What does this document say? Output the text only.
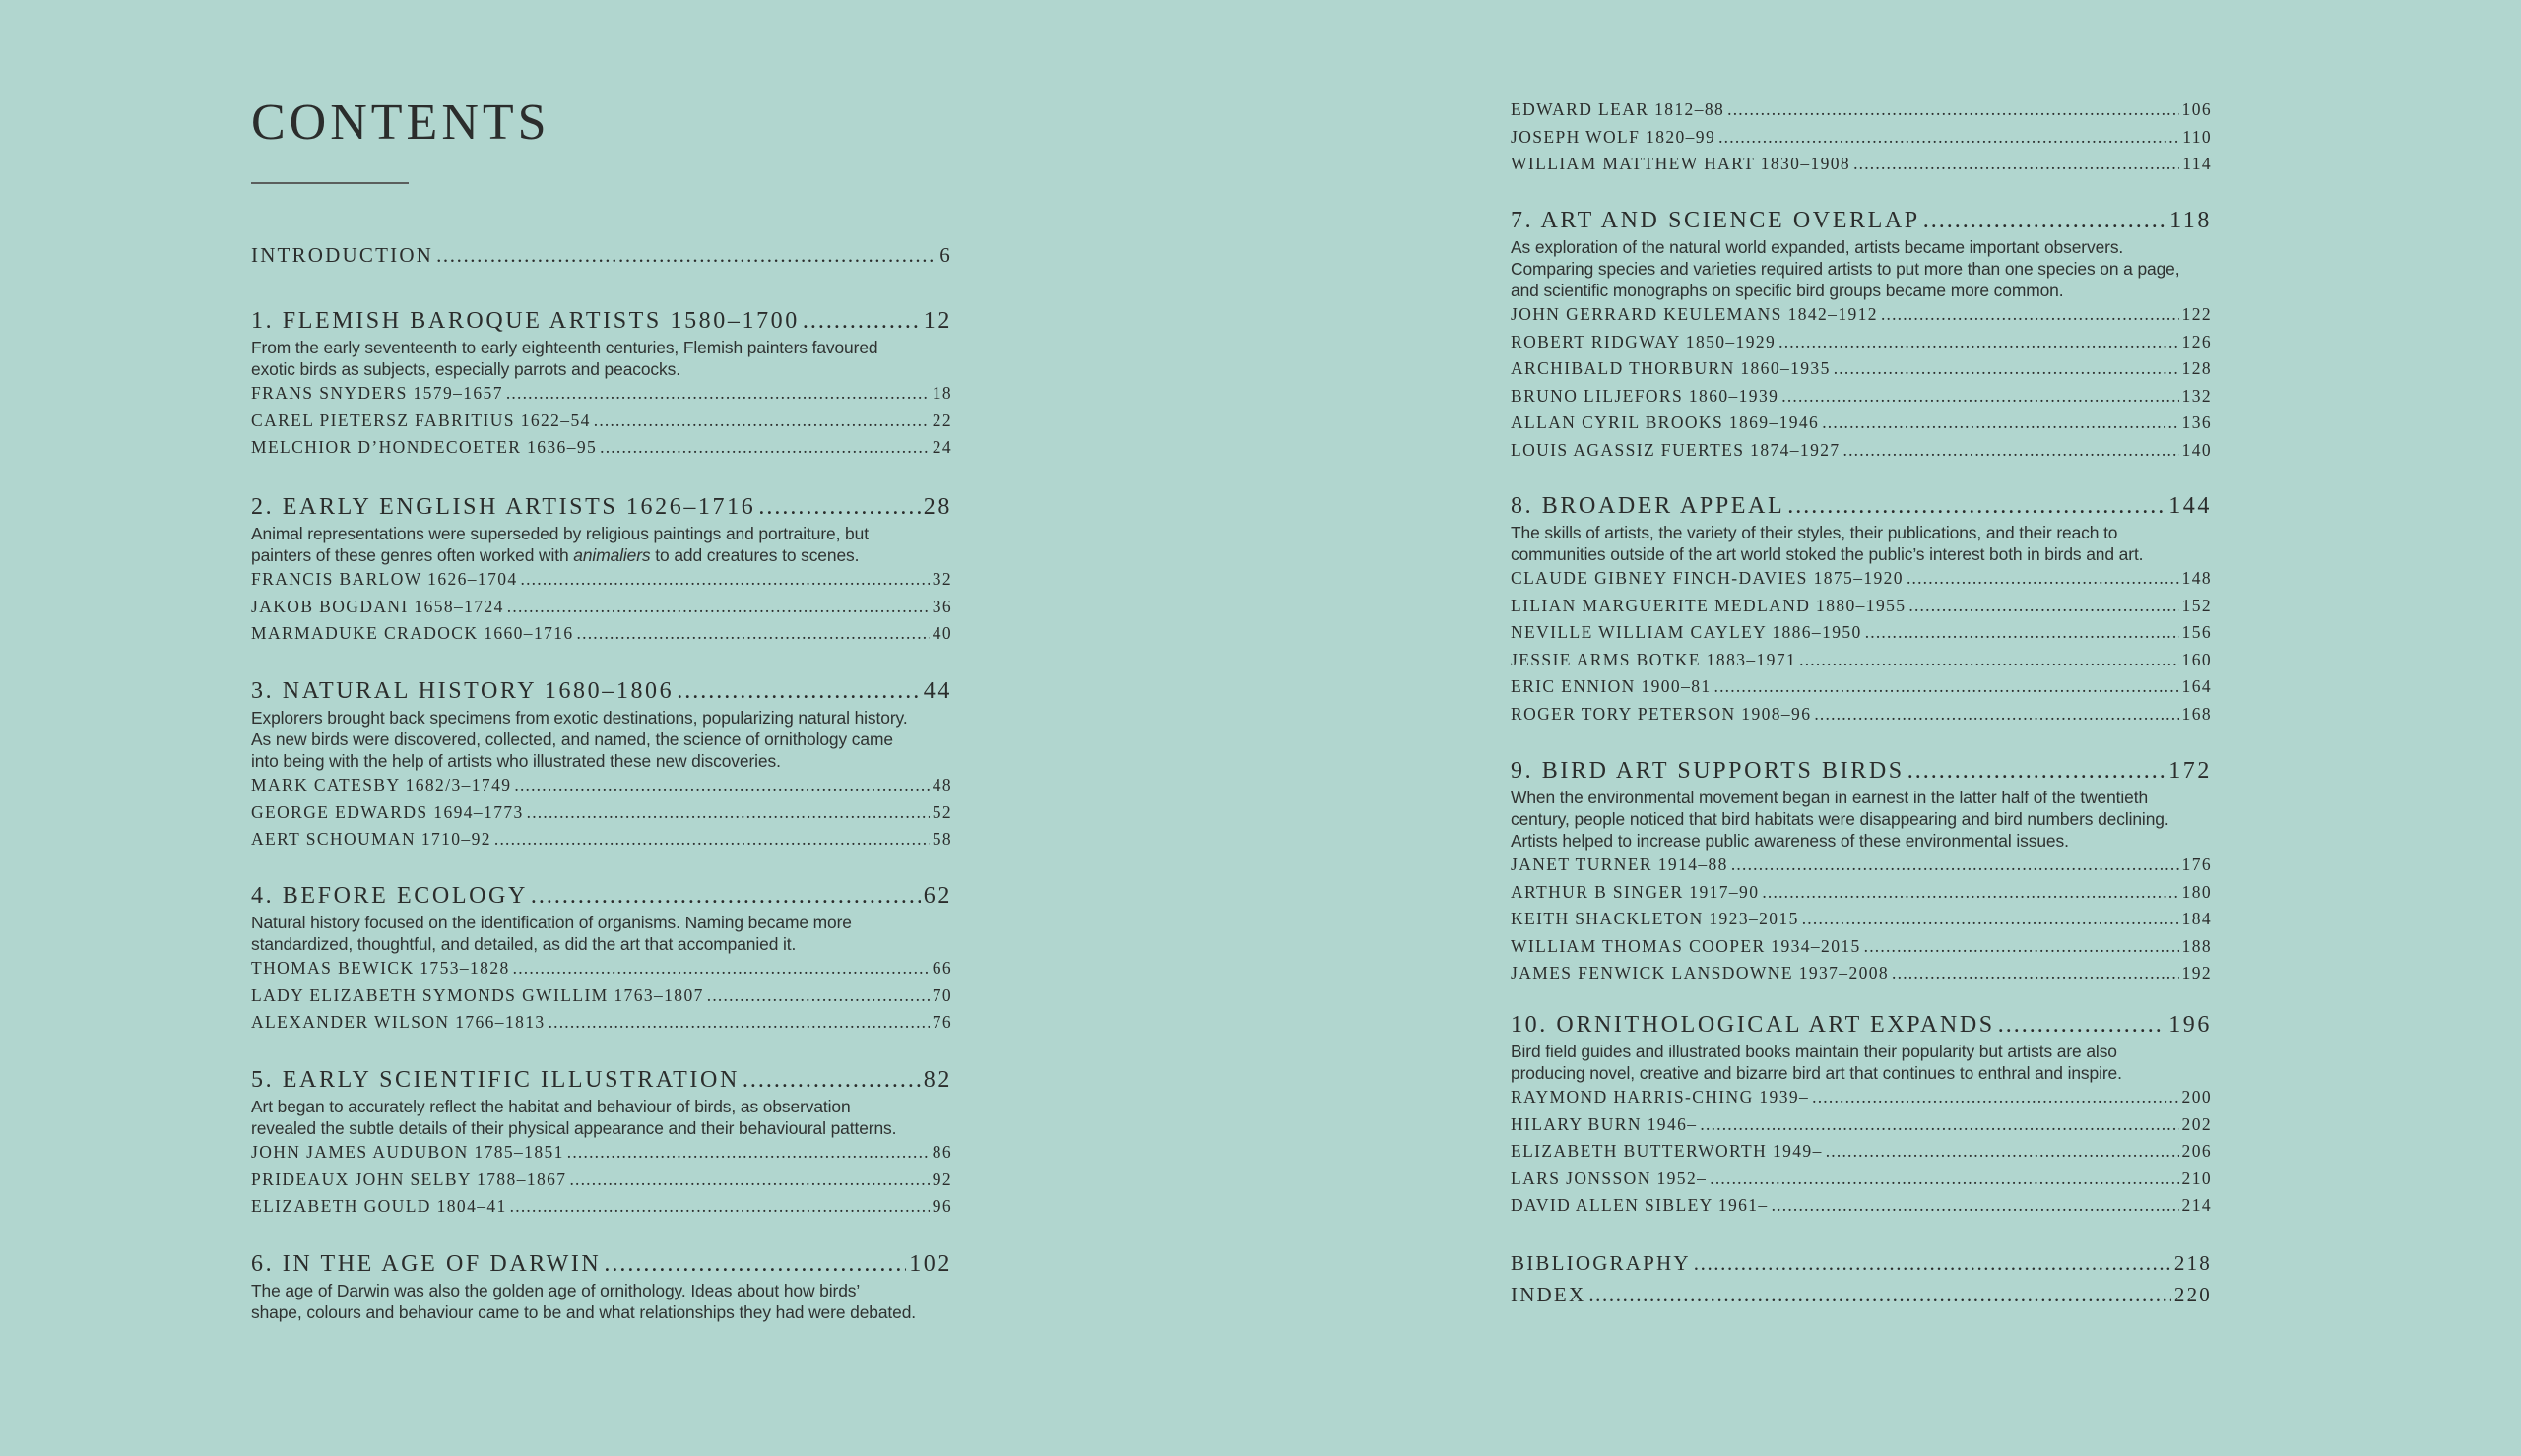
CONTENTS
INTRODUCTION .....	6
1. FLEMISH BAROQUE ARTISTS 1580–1700 .....	12
From the early seventeenth to early eighteenth centuries, Flemish painters favoured
exotic birds as subjects, especially parrots and peacocks.
FRANS SNYDERS 1579–1657 .....	18
CAREL PIETERSZ FABRITIUS 1622–54 .....	22
MELCHIOR D’HONDECOETER 1636–95 .....	24
2. EARLY ENGLISH ARTISTS 1626–1716 .....	28
Animal representations were superseded by religious paintings and portraiture, but
painters of these genres often worked with animaliers to add creatures to scenes.
FRANCIS BARLOW 1626–1704 .....	32
JAKOB BOGDANI 1658–1724 .....	36
MARMADUKE CRADOCK 1660–1716 .....	40
3. NATURAL HISTORY 1680–1806 .....	44
Explorers brought back specimens from exotic destinations, popularizing natural history.
As new birds were discovered, collected, and named, the science of ornithology came
into being with the help of artists who illustrated these new discoveries.
MARK CATESBY 1682/3–1749 .....	48
GEORGE EDWARDS 1694–1773 .....	52
AERT SCHOUMAN 1710–92 .....	58
4. BEFORE ECOLOGY .....	62
Natural history focused on the identification of organisms. Naming became more
standardized, thoughtful, and detailed, as did the art that accompanied it.
THOMAS BEWICK 1753–1828 .....	66
LADY ELIZABETH SYMONDS GWILLIM 1763–1807 .....	70
ALEXANDER WILSON 1766–1813 .....	76
5. EARLY SCIENTIFIC ILLUSTRATION .....	82
Art began to accurately reflect the habitat and behaviour of birds, as observation
revealed the subtle details of their physical appearance and their behavioural patterns.
JOHN JAMES AUDUBON 1785–1851 .....	86
PRIDEAUX JOHN SELBY 1788–1867 .....	92
ELIZABETH GOULD 1804–41 .....	96
6. IN THE AGE OF DARWIN .....	102
The age of Darwin was also the golden age of ornithology. Ideas about how birds’
shape, colours and behaviour came to be and what relationships they had were debated.
EDWARD LEAR 1812–88 .....	106
JOSEPH WOLF 1820–99 .....	110
WILLIAM MATTHEW HART 1830–1908 .....	114
7. ART AND SCIENCE OVERLAP .....	118
As exploration of the natural world expanded, artists became important observers.
Comparing species and varieties required artists to put more than one species on a page,
and scientific monographs on specific bird groups became more common.
JOHN GERRARD KEULEMANS 1842–1912 .....	122
ROBERT RIDGWAY 1850–1929 .....	126
ARCHIBALD THORBURN 1860–1935 .....	128
BRUNO LILJEFORS 1860–1939 .....	132
ALLAN CYRIL BROOKS 1869–1946 .....	136
LOUIS AGASSIZ FUERTES 1874–1927 .....	140
8. BROADER APPEAL .....	144
The skills of artists, the variety of their styles, their publications, and their reach to
communities outside of the art world stoked the public’s interest both in birds and art.
CLAUDE GIBNEY FINCH-DAVIES 1875–1920 .....	148
LILIAN MARGUERITE MEDLAND 1880–1955 .....	152
NEVILLE WILLIAM CAYLEY 1886–1950 .....	156
JESSIE ARMS BOTKE 1883–1971 .....	160
ERIC ENNION 1900–81 .....	164
ROGER TORY PETERSON 1908–96 .....	168
9. BIRD ART SUPPORTS BIRDS .....	172
When the environmental movement began in earnest in the latter half of the twentieth
century, people noticed that bird habitats were disappearing and bird numbers declining.
Artists helped to increase public awareness of these environmental issues.
JANET TURNER 1914–88 .....	176
ARTHUR B SINGER 1917–90 .....	180
KEITH SHACKLETON 1923–2015 .....	184
WILLIAM THOMAS COOPER 1934–2015 .....	188
JAMES FENWICK LANSDOWNE 1937–2008 .....	192
10. ORNITHOLOGICAL ART EXPANDS .....	196
Bird field guides and illustrated books maintain their popularity but artists are also
producing novel, creative and bizarre bird art that continues to enthral and inspire.
RAYMOND HARRIS-CHING 1939– .....	200
HILARY BURN 1946– .....	202
ELIZABETH BUTTERWORTH 1949– .....	206
LARS JONSSON 1952– .....	210
DAVID ALLEN SIBLEY 1961– .....	214
BIBLIOGRAPHY .....	218
INDEX .....	220
